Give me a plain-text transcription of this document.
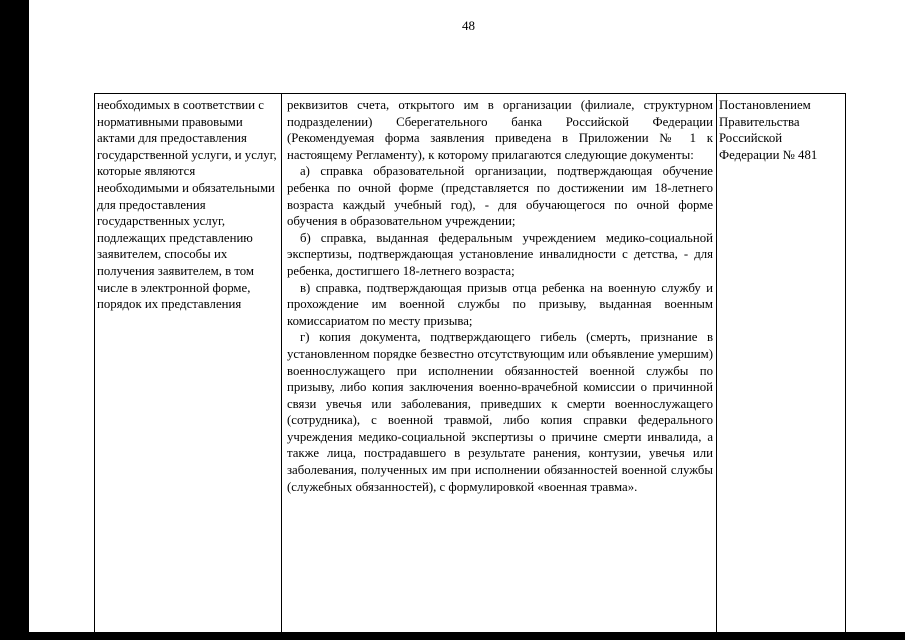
48
необходимых в соответствии с нормативными правовыми актами для предоставления государственной услуги, и услуг, которые являются необходимыми и обязательными для предоставления государственных услуг, подлежащих представлению заявителем, способы их получения заявителем, в том числе в электронной форме, порядок их представления

реквизитов счета, открытого им в организации (филиале, структурном подразделении) Сберегательного банка Российской Федерации (Рекомендуемая форма заявления приведена в Приложении № 1 к настоящему Регламенту), к которому прилагаются следующие документы:

а) справка образовательной организации, подтверждающая обучение ребенка по очной форме (представляется по достижении им 18-летнего возраста каждый учебный год), - для обучающегося по очной форме обучения в образовательном учреждении;

б) справка, выданная федеральным учреждением медико-социальной экспертизы, подтверждающая установление инвалидности с детства, - для ребенка, достигшего 18-летнего возраста;

в) справка, подтверждающая призыв отца ребенка на военную службу и прохождение им военной службы по призыву, выданная военным комиссариатом по месту призыва;

г) копия документа, подтверждающего гибель (смерть, признание в установленном порядке безвестно отсутствующим или объявление умершим) военнослужащего при исполнении обязанностей военной службы по призыву, либо копия заключения военно-врачебной комиссии о причинной связи увечья или заболевания, приведших к смерти военнослужащего (сотрудника), с военной травмой, либо копия справки федерального учреждения медико-социальной экспертизы о причине смерти инвалида, а также лица, пострадавшего в результате ранения, контузии, увечья или заболевания, полученных им при исполнении обязанностей военной службы (служебных обязанностей), с формулировкой «военная травма».

Постановлением Правительства Российской Федерации № 481
